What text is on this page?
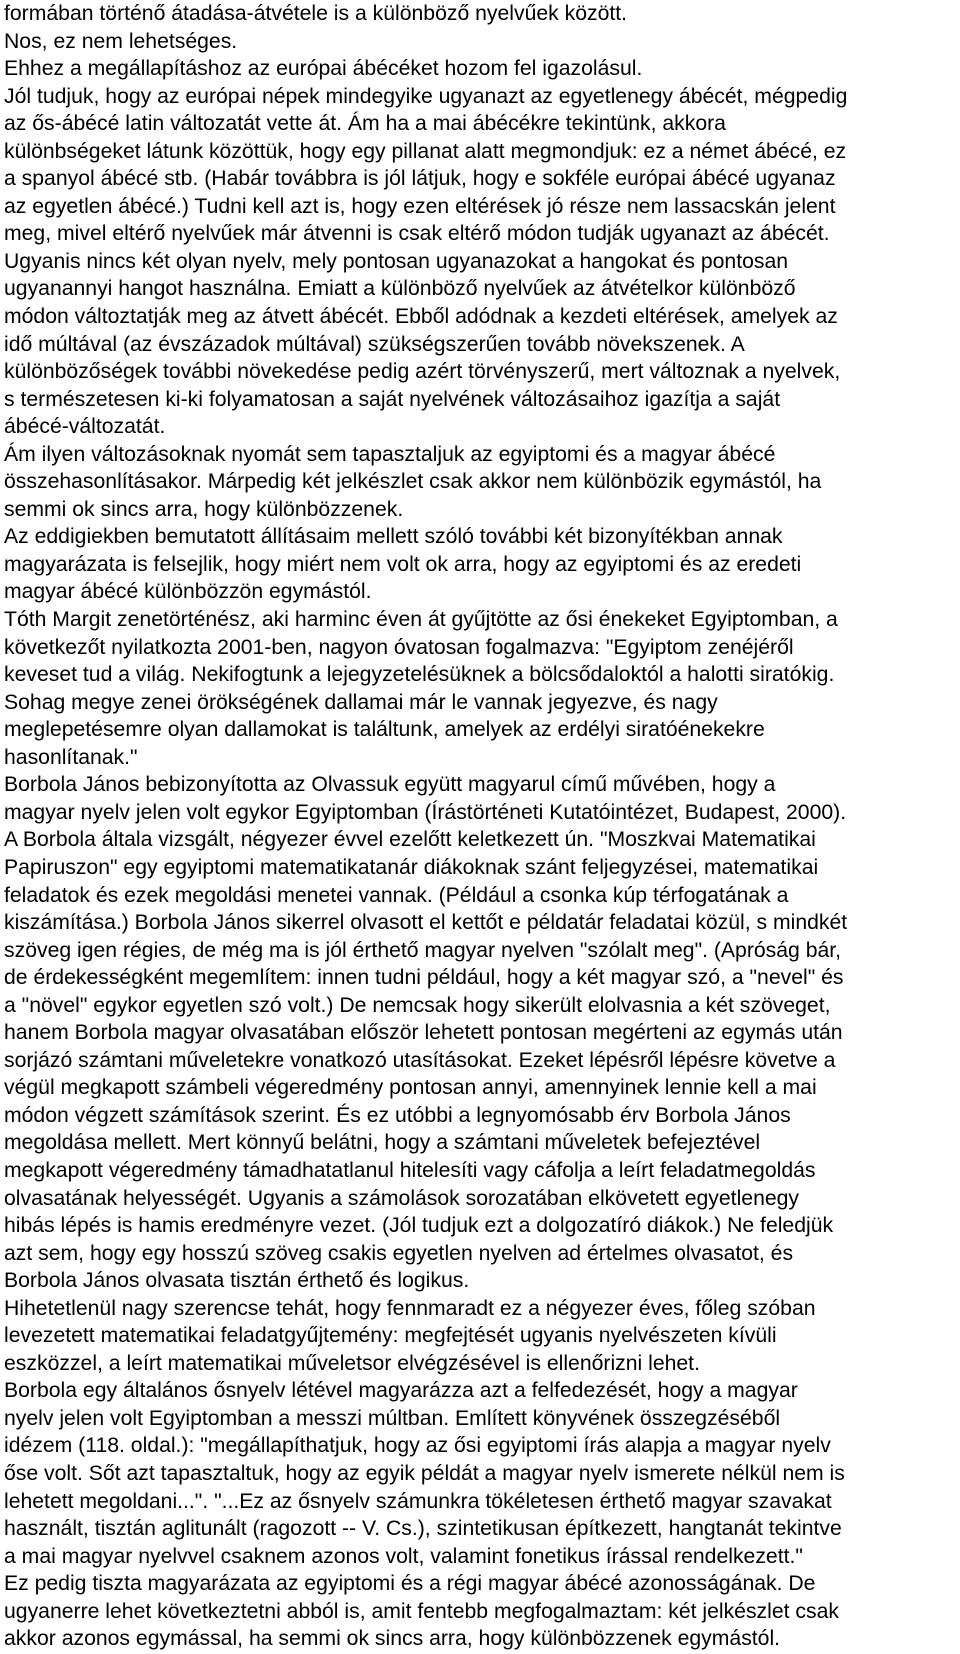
formában történő átadása-átvétele is a különböző nyelvűek között.
Nos, ez nem lehetséges.
Ehhez a megállapításhoz az európai ábécéket hozom fel igazolásul.
Jól tudjuk, hogy az európai népek mindegyike ugyanazt az egyetlenegy ábécét, mégpedig
az ős-ábécé latin változatát vette át. Ám ha a mai ábécékre tekintünk, akkora
különbségeket látunk közöttük, hogy egy pillanat alatt megmondjuk: ez a német ábécé, ez
a spanyol ábécé stb. (Habár továbbra is jól látjuk, hogy e sokféle európai ábécé ugyanaz
az egyetlen ábécé.) Tudni kell azt is, hogy ezen eltérések jó része nem lassacskán jelent
meg, mivel eltérő nyelvűek már átvenni is csak eltérő módon tudják ugyanazt az ábécét.
Ugyanis nincs két olyan nyelv, mely pontosan ugyanazokat a hangokat és pontosan
ugyanannyi hangot használna. Emiatt a különböző nyelvűek az átvételkor különböző
módon változtatják meg az átvett ábécét. Ebből adódnak a kezdeti eltérések, amelyek az
idő múltával (az évszázadok múltával) szükségszerűen tovább növekszenek. A
különbözőségek további növekedése pedig azért törvényszerű, mert változnak a nyelvek,
s természetesen ki-ki folyamatosan a saját nyelvének változásaihoz igazítja a saját
ábécé-változatát.
Ám ilyen változásoknak nyomát sem tapasztaljuk az egyiptomi és a magyar ábécé
összehasonlításakor. Márpedig két jelkészlet csak akkor nem különbözik egymástól, ha
semmi ok sincs arra, hogy különbözzenek.
Az eddigiekben bemutatott állításaim mellett szóló további két bizonyítékban annak
magyarázata is felsejlik, hogy miért nem volt ok arra, hogy az egyiptomi és az eredeti
magyar ábécé különbözzön egymástól.
Tóth Margit zenetörténész, aki harminc éven át gyűjtötte az ősi énekeket Egyiptomban, a
következőt nyilatkozta 2001-ben, nagyon óvatosan fogalmazva: "Egyiptom zenéjéről
keveset tud a világ. Nekifogtunk a lejegyzetelésüknek a bölcsődaloktól a halotti siratókig.
Sohag megye zenei örökségének dallamai már le vannak jegyezve, és nagy
meglepetésemre olyan dallamokat is találtunk, amelyek az erdélyi siratóénekekre
hasonlítanak."
Borbola János bebizonyította az Olvassuk együtt magyarul című művében, hogy a
magyar nyelv jelen volt egykor Egyiptomban (Írástörténeti Kutatóintézet, Budapest, 2000).
A Borbola általa vizsgált, négyezer évvel ezelőtt keletkezett ún. "Moszkvai Matematikai
Papiruszon" egy egyiptomi matematikatanár diákoknak szánt feljegyzései, matematikai
feladatok és ezek megoldási menetei vannak. (Például a csonka kúp térfogatának a
kiszámítása.) Borbola János sikerrel olvasott el kettőt e példatár feladatai közül, s mindkét
szöveg igen régies, de még ma is jól érthető magyar nyelven "szólalt meg". (Apróság bár,
de érdekességként megemlítem: innen tudni például, hogy a két magyar szó, a "nevel" és
a "növel" egykor egyetlen szó volt.) De nemcsak hogy sikerült elolvasnia a két szöveget,
hanem Borbola magyar olvasatában először lehetett pontosan megérteni az egymás után
sorjázó számtani műveletekre vonatkozó utasításokat. Ezeket lépésről lépésre követve a
végül megkapott számbeli végeredmény pontosan annyi, amennyinek lennie kell a mai
módon végzett számítások szerint. És ez utóbbi a legnyomósabb érv Borbola János
megoldása mellett. Mert könnyű belátni, hogy a számtani műveletek befejeztével
megkapott végeredmény támadhatatlanul hitelesíti vagy cáfolja a leírt feladatmegoldás
olvasatának helyességét. Ugyanis a számolások sorozatában elkövetett egyetlenegy
hibás lépés is hamis eredményre vezet. (Jól tudjuk ezt a dolgozatíró diákok.) Ne feledjük
azt sem, hogy egy hosszú szöveg csakis egyetlen nyelven ad értelmes olvasatot, és
Borbola János olvasata tisztán érthető és logikus.
Hihetetlenül nagy szerencse tehát, hogy fennmaradt ez a négyezer éves, főleg szóban
levezetett matematikai feladatgyűjtemény: megfejtését ugyanis nyelvészeten kívüli
eszközzel, a leírt matematikai műveletsor elvégzésével is ellenőrizni lehet.
Borbola egy általános ősnyelv létével magyarázza azt a felfedezését, hogy a magyar
nyelv jelen volt Egyiptomban a messzi múltban. Említett könyvének összegzéséből
idézem (118. oldal.): "megállapíthatjuk, hogy az ősi egyiptomi írás alapja a magyar nyelv
őse volt. Sőt azt tapasztaltuk, hogy az egyik példát a magyar nyelv ismerete nélkül nem is
lehetett megoldani...". "...Ez az ősnyelv számunkra tökéletesen érthető magyar szavakat
használt, tisztán aglitunált (ragozott -- V. Cs.), szintetikusan építkezett, hangtanát tekintve
a mai magyar nyelvvel csaknem azonos volt, valamint fonetikus írással rendelkezett."
Ez pedig tiszta magyarázata az egyiptomi és a régi magyar ábécé azonosságának. De
ugyanerre lehet következtetni abból is, amit fentebb megfogalmaztam: két jelkészlet csak
akkor azonos egymással, ha semmi ok sincs arra, hogy különbözzenek egymástól.
